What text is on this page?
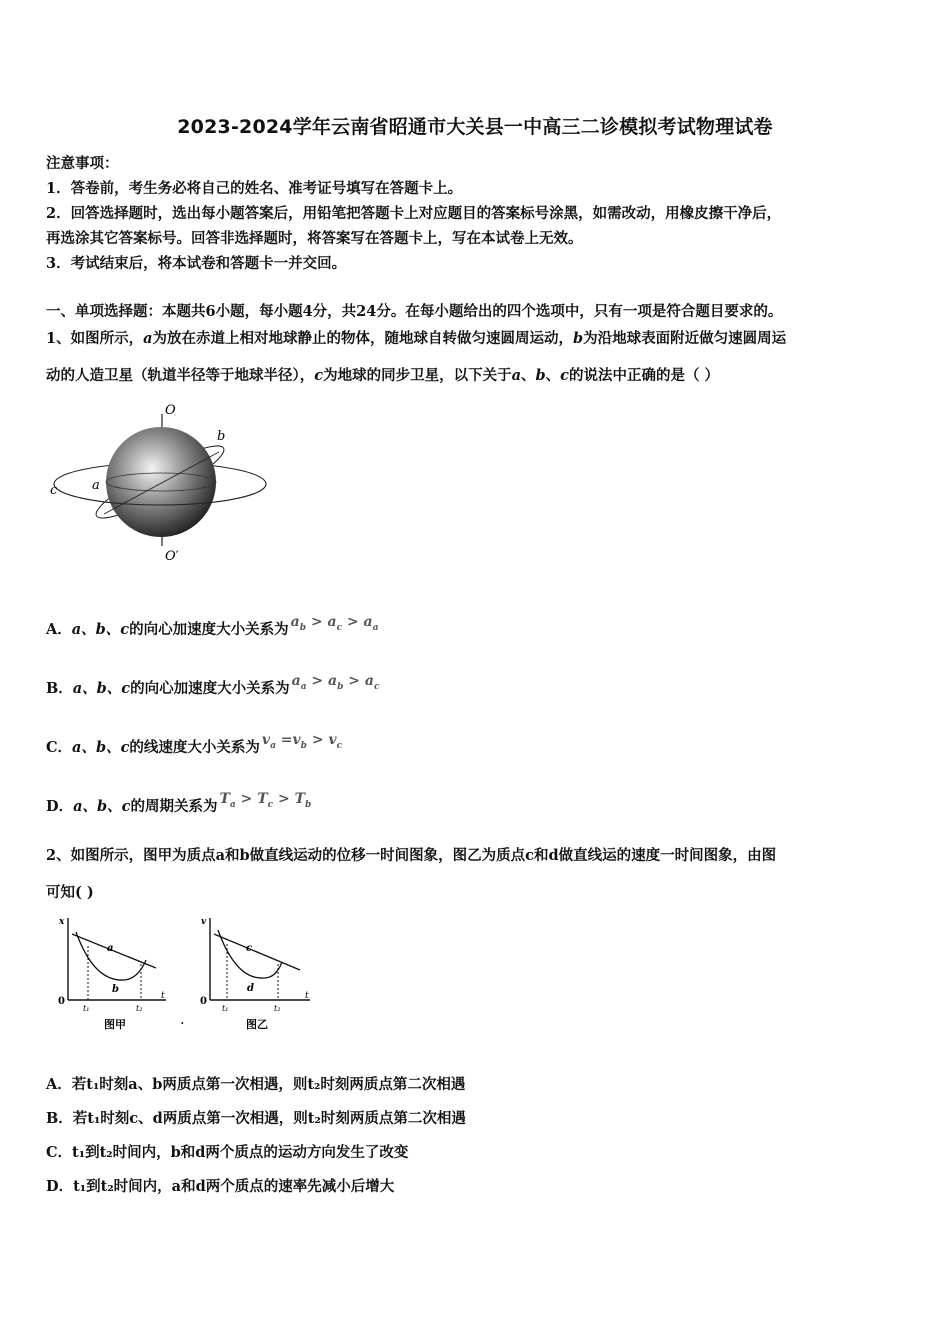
2023-2024学年云南省昭通市大关县一中高三二诊模拟考试物理试卷
注意事项：
1．答卷前，考生务必将自己的姓名、准考证号填写在答题卡上。
2．回答选择题时，选出每小题答案后，用铅笔把答题卡上对应题目的答案标号涂黑，如需改动，用橡皮擦干净后，
再选涂其它答案标号。回答非选择题时，将答案写在答题卡上，写在本试卷上无效。
3．考试结束后，将本试卷和答题卡一并交回。
一、单项选择题：本题共6小题，每小题4分，共24分。在每小题给出的四个选项中，只有一项是符合题目要求的。
1、如图所示，a为放在赤道上相对地球静止的物体，随地球自转做匀速圆周运动，b为沿地球表面附近做匀速圆周运
动的人造卫星（轨道半径等于地球半径），c为地球的同步卫星，以下关于a、b、c的说法中正确的是（ ）
O
O′
b
c	a
A．a、b、c的向心加速度大小关系为 $a_b > a_c > a_a$
B．a、b、c的向心加速度大小关系为 $a_a > a_b > a_c$
C．a、b、c的线速度大小关系为 $v_a =v_b > v_c$
D．a、b、c的周期关系为 $T_a > T_c > T_b$
2、如图所示，图甲为质点a和b做直线运动的位移一时间图象，图乙为质点c和d做直线运的速度一时间图象，由图
可知( )
x
0	t
a
b
t₁	t₂
图甲	·
v
0	t
c
d
t₁	t₂
图乙
A．若t₁时刻a、b两质点第一次相遇，则t₂时刻两质点第二次相遇
B．若t₁时刻c、d两质点第一次相遇，则t₂时刻两质点第二次相遇
C．t₁到t₂时间内，b和d两个质点的运动方向发生了改变
D．t₁到t₂时间内，a和d两个质点的速率先减小后增大
